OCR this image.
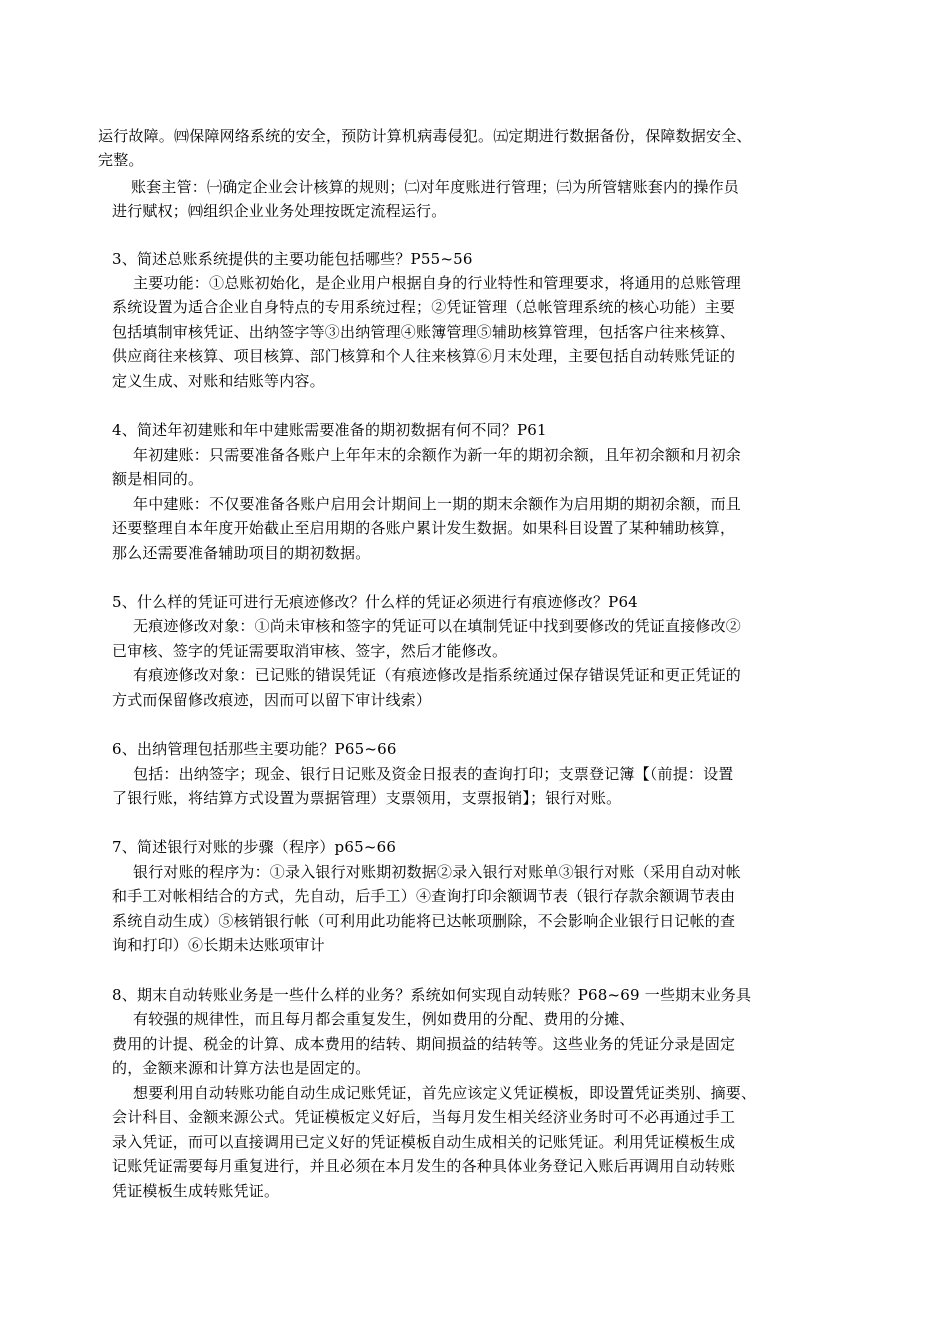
运行故障。㈣保障网络系统的安全，预防计算机病毒侵犯。㈤定期进行数据备份，保障数据安全、
完整。
账套主管：㈠确定企业会计核算的规则；㈡对年度账进行管理；㈢为所管辖账套内的操作员
进行赋权；㈣组织企业业务处理按既定流程运行。
3、简述总账系统提供的主要功能包括哪些？P55~56
主要功能：①总账初始化，是企业用户根据自身的行业特性和管理要求，将通用的总账管理
系统设置为适合企业自身特点的专用系统过程；②凭证管理（总帐管理系统的核心功能）主要
包括填制审核凭证、出纳签字等③出纳管理④账簿管理⑤辅助核算管理，包括客户往来核算、
供应商往来核算、项目核算、部门核算和个人往来核算⑥月末处理，主要包括自动转账凭证的
定义生成、对账和结账等内容。
4、简述年初建账和年中建账需要准备的期初数据有何不同？P61
年初建账：只需要准备各账户上年年末的余额作为新一年的期初余额，且年初余额和月初余
额是相同的。
年中建账：不仅要准备各账户启用会计期间上一期的期末余额作为启用期的期初余额，而且
还要整理自本年度开始截止至启用期的各账户累计发生数据。如果科目设置了某种辅助核算，
那么还需要准备辅助项目的期初数据。
5、什么样的凭证可进行无痕迹修改？什么样的凭证必须进行有痕迹修改？P64
无痕迹修改对象：①尚未审核和签字的凭证可以在填制凭证中找到要修改的凭证直接修改②
已审核、签字的凭证需要取消审核、签字，然后才能修改。
有痕迹修改对象：已记账的错误凭证（有痕迹修改是指系统通过保存错误凭证和更正凭证的
方式而保留修改痕迹，因而可以留下审计线索）
6、出纳管理包括那些主要功能？P65~66
包括：出纳签字；现金、银行日记账及资金日报表的查询打印；支票登记簿【（前提：设置
了银行账，将结算方式设置为票据管理）支票领用，支票报销】；银行对账。
7、简述银行对账的步骤（程序）p65~66
银行对账的程序为：①录入银行对账期初数据②录入银行对账单③银行对账（采用自动对帐
和手工对帐相结合的方式，先自动，后手工）④查询打印余额调节表（银行存款余额调节表由
系统自动生成）⑤核销银行帐（可利用此功能将已达帐项删除，不会影响企业银行日记帐的查
询和打印）⑥长期未达账项审计
8、期末自动转账业务是一些什么样的业务？系统如何实现自动转账？P68~69 一些期末业务具
有较强的规律性，而且每月都会重复发生，例如费用的分配、费用的分摊、
费用的计提、税金的计算、成本费用的结转、期间损益的结转等。这些业务的凭证分录是固定
的，金额来源和计算方法也是固定的。
想要利用自动转账功能自动生成记账凭证，首先应该定义凭证模板，即设置凭证类别、摘要、
会计科目、金额来源公式。凭证模板定义好后，当每月发生相关经济业务时可不必再通过手工
录入凭证，而可以直接调用已定义好的凭证模板自动生成相关的记账凭证。利用凭证模板生成
记账凭证需要每月重复进行，并且必须在本月发生的各种具体业务登记入账后再调用自动转账
凭证模板生成转账凭证。
